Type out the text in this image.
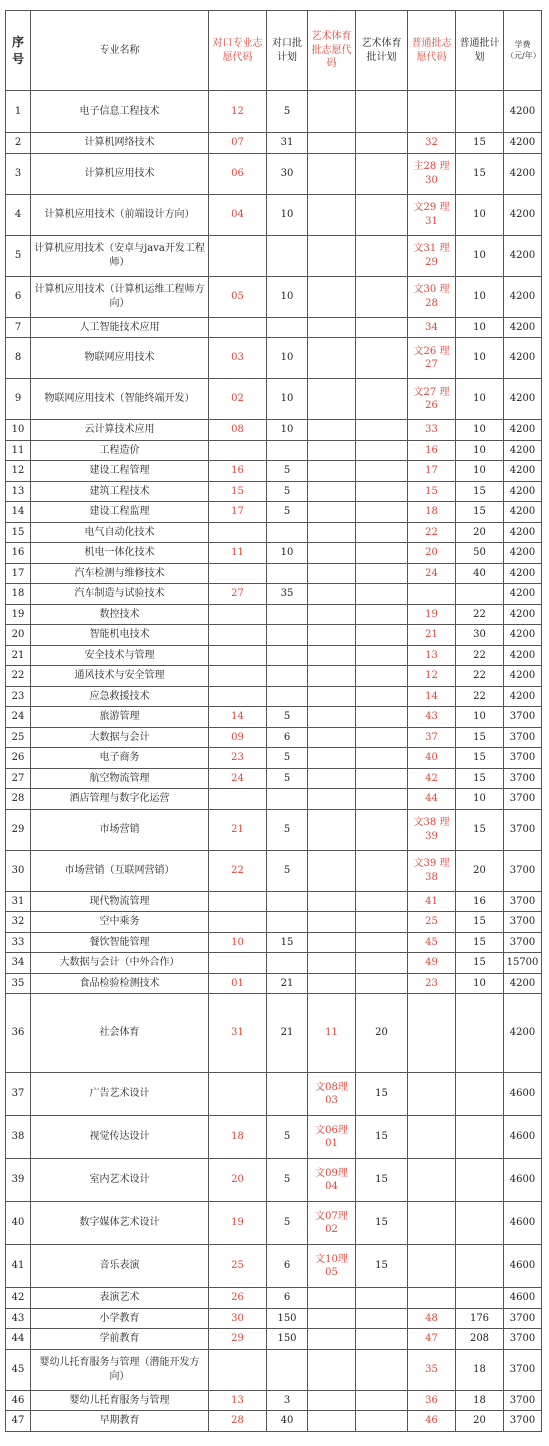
序
号	专业名称	对口专业志愿代码	对口批计划	艺术体育批志愿代码	艺术体育批计划	普通批志愿代码	普通批计划	学费（元/年）
1	电子信息工程技术	12	5					4200
2	计算机网络技术	07	31			32	15	4200
3	计算机应用技术	06	30			主28 理30	15	4200
4	计算机应用技术（前端设计方向）	04	10			文29 理31	10	4200
5	计算机应用技术（安卓与java开发工程师）					文31 理29	10	4200
6	计算机应用技术（计算机运维工程师方向）	05	10			文30 理28	10	4200
7	人工智能技术应用					34	10	4200
8	物联网应用技术	03	10			文26 理27	10	4200
9	物联网应用技术（智能终端开发）	02	10			文27 理26	10	4200
10	云计算技术应用	08	10			33	10	4200
11	工程造价					16	10	4200
12	建设工程管理	16	5			17	10	4200
13	建筑工程技术	15	5			15	15	4200
14	建设工程监理	17	5			18	15	4200
15	电气自动化技术					22	20	4200
16	机电一体化技术	11	10			20	50	4200
17	汽车检测与维修技术					24	40	4200
18	汽车制造与试验技术	27	35					4200
19	数控技术					19	22	4200
20	智能机电技术					21	30	4200
21	安全技术与管理					13	22	4200
22	通风技术与安全管理					12	22	4200
23	应急救援技术					14	22	4200
24	旅游管理	14	5			43	10	3700
25	大数据与会计	09	6			37	15	3700
26	电子商务	23	5			40	15	3700
27	航空物流管理	24	5			42	15	3700
28	酒店管理与数字化运营					44	10	3700
29	市场营销	21	5			文38 理39	15	3700
30	市场营销（互联网营销）	22	5			文39 理38	20	3700
31	现代物流管理					41	16	3700
32	空中乘务					25	15	3700
33	餐饮智能管理	10	15			45	15	3700
34	大数据与会计（中外合作）					49	15	15700
35	食品检验检测技术	01	21			23	10	4200
36	社会体育	31	21	11	20			4200
37	广告艺术设计			文08理03	15			4600
38	视觉传达设计	18	5	文06理01	15			4600
39	室内艺术设计	20	5	文09理04	15			4600
40	数字媒体艺术设计	19	5	文07理02	15			4600
41	音乐表演	25	6	文10理05	15			4600
42	表演艺术	26	6					4600
43	小学教育	30	150			48	176	3700
44	学前教育	29	150			47	208	3700
45	婴幼儿托育服务与管理（潜能开发方向）					35	18	3700
46	婴幼儿托育服务与管理	13	3			36	18	3700
47	早期教育	28	40			46	20	3700
